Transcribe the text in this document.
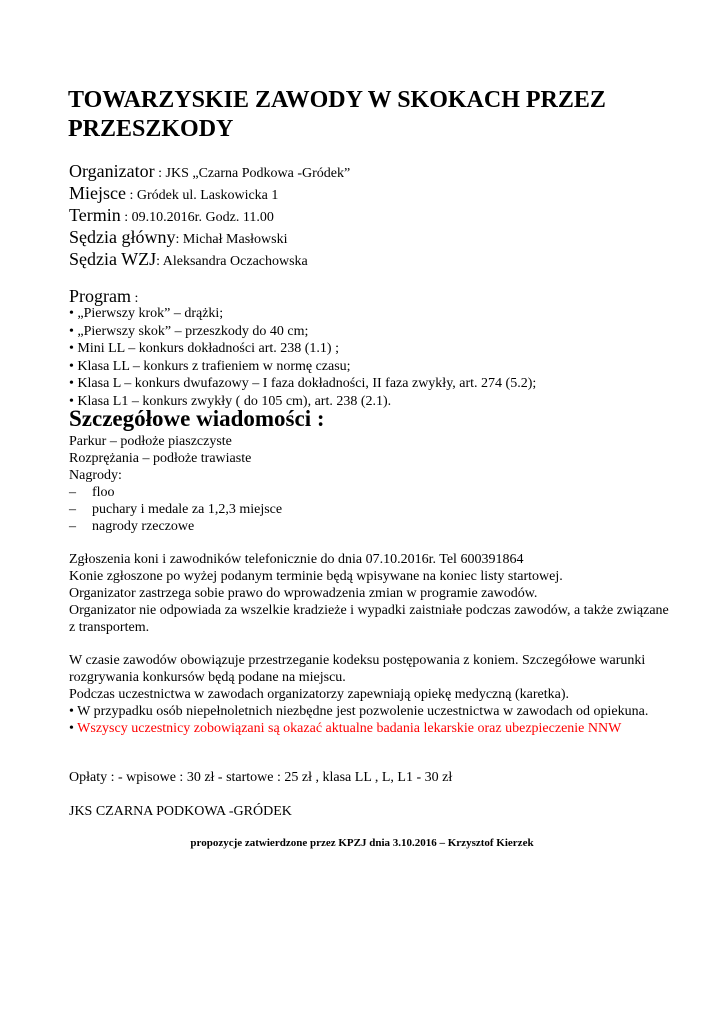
TOWARZYSKIE ZAWODY W SKOKACH PRZEZ PRZESZKODY
Organizator : JKS „Czarna Podkowa -Gródek”
Miejsce : Gródek ul. Laskowicka 1
Termin : 09.10.2016r. Godz. 11.00
Sędzia główny: Michał Masłowski
Sędzia WZJ: Aleksandra Oczachowska
Program :
• „Pierwszy krok” – drążki;
• „Pierwszy skok” – przeszkody do 40 cm;
• Mini LL – konkurs dokładności art. 238 (1.1) ;
• Klasa LL – konkurs z trafieniem w normę czasu;
• Klasa L – konkurs dwufazowy – I faza dokładności, II faza zwykły, art. 274 (5.2);
• Klasa L1 – konkurs zwykły ( do 105 cm), art. 238 (2.1).
Szczegółowe wiadomości :
Parkur – podłoże piaszczyste
Rozprężania – podłoże trawiaste
Nagrody:
– floo
– puchary i medale za 1,2,3 miejsce
– nagrody rzeczowe

Zgłoszenia koni i zawodników telefonicznie do dnia 07.10.2016r. Tel 600391864

Konie zgłoszone po wyżej podanym terminie będą wpisywane na koniec listy startowej.

Organizator zastrzega sobie prawo do wprowadzenia zmian w programie zawodów.

Organizator nie odpowiada za wszelkie kradzieże i wypadki zaistniałe podczas zawodów, a także związane z transportem.

W czasie zawodów obowiązuje przestrzeganie kodeksu postępowania z koniem. Szczegółowe warunki rozgrywania konkursów będą podane na miejscu.

Podczas uczestnictwa w zawodach organizatorzy zapewniają opiekę medyczną (karetka).

• W przypadku osób niepełnoletnich niezbędne jest pozwolenie uczestnictwa w zawodach od opiekuna.

• Wszyscy uczestnicy zobowiązani są okazać aktualne badania lekarskie oraz ubezpieczenie NNW

Opłaty : - wpisowe : 30 zł - startowe : 25 zł , klasa LL , L, L1 - 30 zł
JKS CZARNA PODKOWA -GRÓDEK
propozycje zatwierdzone przez KPZJ dnia 3.10.2016 – Krzysztof Kierzek
